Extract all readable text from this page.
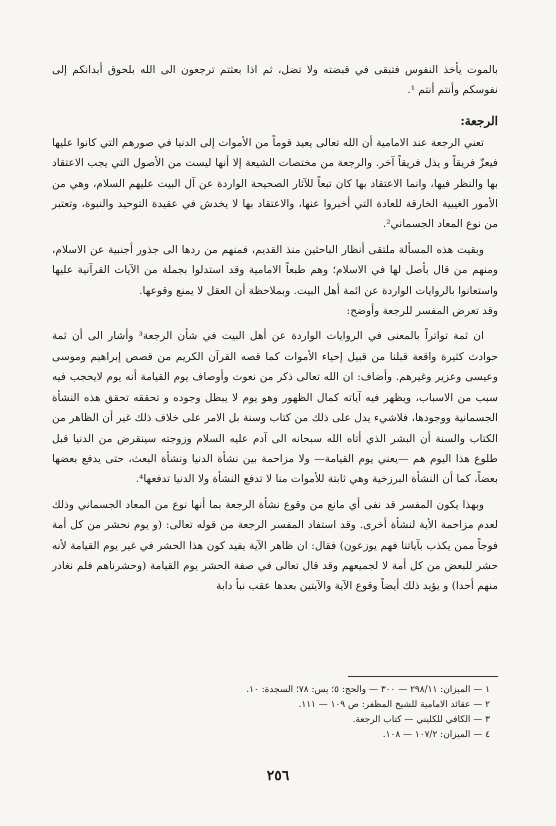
بالموت يأخذ النفوس فتبقى في قبضته ولا تضل، ثم اذا بعثتم ترجعون الى الله بلحوق أبدانكم إلى نفوسكم وأنتم أنتم ¹.

الرجعة:

تعني الرجعة عند الامامية أن الله تعالى يعيد قوماً من الأموات إلى الدنيا في صورهم التي كانوا عليها فيعزّ فريقاً و يذل فريقاً آخر. والرجعة من مختصات الشيعة إلا أنها ليست من الأصول التي يجب الاعتقاد بها والنظر فيها، وانما الاعتقاد بها كان تبعاً للآثار الصحيحة الواردة عن آل البيت عليهم السلام، وهي من الأمور الغيبية الخارقة للعادة التي أخبروا عنها، والاعتقاد بها لا يخدش في عقيدة التوحيد والنبوة، وتعتبر من نوع المعاد الجسماني².

وبقيت هذه المسألة ملتقى أنظار الباحثين منذ القديم، فمنهم من ردها الى جذور أجنبية عن الاسلام، ومنهم من قال بأصل لها في الاسلام؛ وهم طبعاً الامامية وقد استدلوا بجملة من الآيات القرآنية عليها واستعانوا بالروايات الواردة عن ائمة أهل البيت. وبملاحظة أن العقل لا يمنع وقوعها.

وقد تعرض المفسر للرجعة وأوضح:

ان ثمة تواتراً بالمعنى في الروايات الواردة عن أهل البيت في شأن الرجعة³ وأشار الى أن ثمة حوادث كثيرة واقعة قبلنا من قبيل إحياء الأموات كما قصه القرآن الكريم من قصص إبراهيم وموسى وعيسى وعزير وغيرهم. وأضاف: ان الله تعالى ذكر من نعوت وأوصاف يوم القيامة أنه يوم لايحجب فيه سبب من الاسباب، ويظهر فيه آياته كمال الظهور وهو يوم لا يبطل وجوده و تحققه تحقق هذه النشأة الجسمانية ووجودها، فلاشيء يدل على ذلك من كتاب وسنة بل الامر على خلاف ذلك غير أن الظاهر من الكتاب والسنة أن البشر الذي أتاه الله سبحانه الى آدم عليه السلام وزوجته سينقرض من الدنيا قبل طلوع هذا اليوم هم —يعني يوم القيامة— ولا مزاحمة بين نشأة الدنيا ونشأة البعث، حتى يدفع بعضها بعضاً، كما أن النشأة البرزخية وهي ثابتة للأموات منا لا تدفع النشأة ولا الدنيا تدفعها⁴.

وبهذا يكون المفسر قد نفى أي مانع من وقوع نشأة الرجعة بما أنها نوع من المعاد الجسماني وذلك لعدم مزاحمة الأية لنشأة أخرى. وقد استفاد المفسر الرجعة من قوله تعالى: (و يوم نحشر من كل أمة فوجاً ممن يكذب بآياتنا فهم يوزعون) فقال: ان ظاهر الآية يفيد كون هذا الحشر في غير يوم القيامة لأنه حشر للبعض من كل أمة لا لجميعهم وقد قال تعالى في صفة الحشر يوم القيامة (وحشرناهم فلم نغادر منهم أحدا) و يؤيد ذلك أيضاً وقوع الآية والآيتين بعدها عقب نبأ دابة

١ — الميزان: ٢٩٨/١١ — ٣٠٠ — والحج: ٥؛ يس: ٧٨؛ السجدة: ١٠.

٢ — عقائد الامامية للشيخ المظفر: ص ١٠٩ — ١١١.

٣ — الكافي للكليني — كتاب الرجعة.

٤ — الميزان: ١٠٧/٢ — ١٠٨.

٢٥٦
